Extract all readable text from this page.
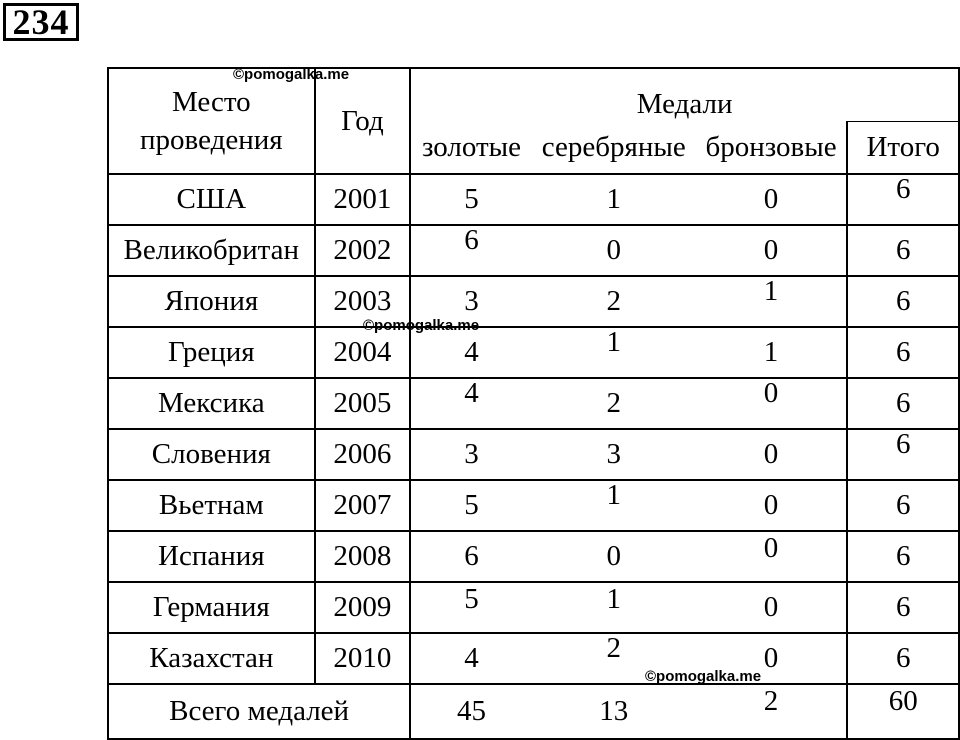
234
Место проведения	Год	Медали			
		золотые	серебряные	бронзовые	Итого
США	2001	5	1	0	6
Великобритан	2002	6	0	0	6
Япония	2003	3	2	1	6
Греция	2004	4	1	1	6
Мексика	2005	4	2	0	6
Словения	2006	3	3	0	6
Вьетнам	2007	5	1	0	6
Испания	2008	6	0	0	6
Германия	2009	5	1	0	6
Казахстан	2010	4	2	0	6
Всего медалей		45	13	2	60
©pomogalka.me
©pomogalka.me
©pomogalka.me
